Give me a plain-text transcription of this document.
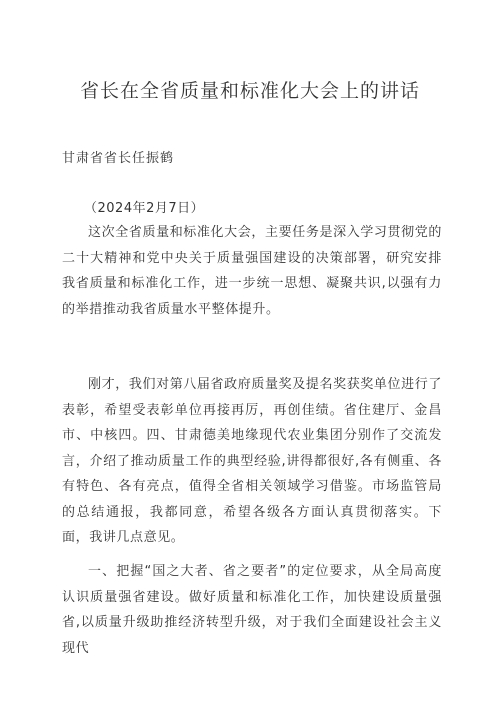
省长在全省质量和标准化大会上的讲话
甘肃省省长任振鹤
（2024年2月7日）
这次全省质量和标准化大会，主要任务是深入学习贯彻党的二十大精神和党中央关于质量强国建设的决策部署，研究安排我省质量和标准化工作，进一步统一思想、凝聚共识,以强有力的举措推动我省质量水平整体提升。
刚才，我们对第八届省政府质量奖及提名奖获奖单位进行了表彰，希望受表彰单位再接再厉，再创佳绩。省住建厅、金昌市、中核四。四、甘肃德美地缘现代农业集团分别作了交流发言，介绍了推动质量工作的典型经验,讲得都很好,各有侧重、各有特色、各有亮点，值得全省相关领域学习借鉴。市场监管局的总结通报，我都同意，希望各级各方面认真贯彻落实。下面，我讲几点意见。
一、把握“国之大者、省之要者”的定位要求，从全局高度认识质量强省建设。做好质量和标准化工作，加快建设质量强省,以质量升级助推经济转型升级，对于我们全面建设社会主义现代
